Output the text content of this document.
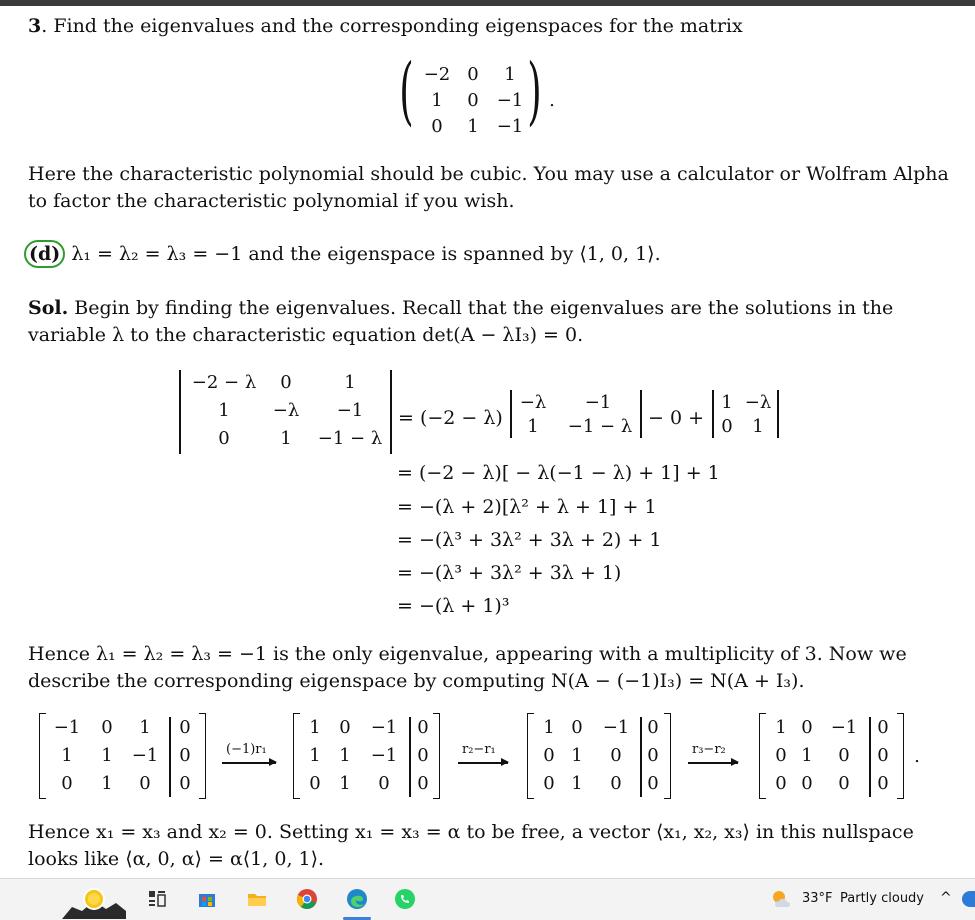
3. Find the eigenvalues and the corresponding eigenspaces for the matrix
( −2 0	1
1	0	−1
0	1	−1 ) .
Here the characteristic polynomial should be cubic. You may use a calculator or Wolfram Alpha
to factor the characteristic polynomial if you wish.
(d) λ₁ = λ₂ = λ₃ = −1 and the eigenspace is spanned by ⟨1, 0, 1⟩.
Sol. Begin by finding the eigenvalues. Recall that the eigenvalues are the solutions in the
variable λ to the characteristic equation det(A − λI₃) = 0.
−2 − λ	0	1
1	−λ	−1
0	1	−1 − λ
= (−2 − λ)
−λ	−1
1	−1 − λ − 0 +
1 −λ
0	1
= (−2 − λ)[ − λ(−1 − λ) + 1] + 1
= −(λ + 2)[λ² + λ + 1] + 1
= −(λ³ + 3λ² + 3λ + 2) + 1
= −(λ³ + 3λ² + 3λ + 1)
= −(λ + 1)³
Hence λ₁ = λ₂ = λ₃ = −1 is the only eigenvalue, appearing with a multiplicity of 3. Now we
describe the corresponding eigenspace by computing N(A − (−1)I₃) = N(A + I₃).
−1	0	1	0
1	1	−1	0
0	1	0	0
(−1)r₁
1	0	−1	0
1	1	−1	0
0	1	0	0
r₂−r₁
1 0	−1	0
0 1	0	0
0 1	0	0
r₃−r₂
1 0	−1	0
0 1	0	0
0 0	0	0
.
Hence x₁ = x₃ and x₂ = 0. Setting x₁ = x₃ = α to be free, a vector ⟨x₁, x₂, x₃⟩ in this nullspace
looks like ⟨α, 0, α⟩ = α⟨1, 0, 1⟩.
33°F Partly cloudy ^
